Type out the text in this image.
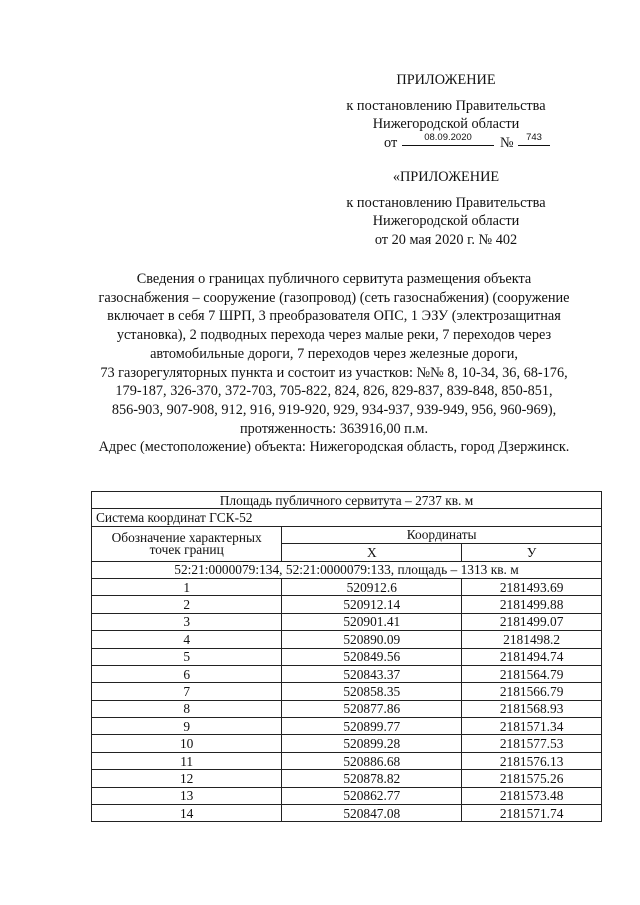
ПРИЛОЖЕНИЕ
к постановлению Правительства
Нижегородской области
от	08.09.2020	№	743
«ПРИЛОЖЕНИЕ
к постановлению Правительства
Нижегородской области
от 20 мая 2020 г. № 402
Сведения о границах публичного сервитута размещения объекта
газоснабжения – сооружение (газопровод) (сеть газоснабжения) (сооружение
включает в себя 7 ШРП, 3 преобразователя ОПС, 1 ЭЗУ (электрозащитная
установка), 2 подводных перехода через малые реки, 7 переходов через
автомобильные дороги, 7 переходов через железные дороги,
73 газорегуляторных пункта и состоит из участков: №№ 8, 10-34, 36, 68-176,
179-187, 326-370, 372-703, 705-822, 824, 826, 829-837, 839-848, 850-851,
856-903, 907-908, 912, 916, 919-920, 929, 934-937, 939-949, 956, 960-969),
протяженность: 363916,00 п.м.
Адрес (местоположение) объекта: Нижегородская область, город Дзержинск.
Площадь публичного сервитута – 2737 кв. м		
Система координат ГСК-52		

Обозначение характерных
точек границ	Координаты	
	X	У
52:21:0000079:134, 52:21:0000079:133, площадь – 1313 кв. м		
1	520912.6	2181493.69
2	520912.14	2181499.88
3	520901.41	2181499.07
4	520890.09	2181498.2
5	520849.56	2181494.74
6	520843.37	2181564.79
7	520858.35	2181566.79
8	520877.86	2181568.93
9	520899.77	2181571.34
10	520899.28	2181577.53
11	520886.68	2181576.13
12	520878.82	2181575.26
13	520862.77	2181573.48
14	520847.08	2181571.74
